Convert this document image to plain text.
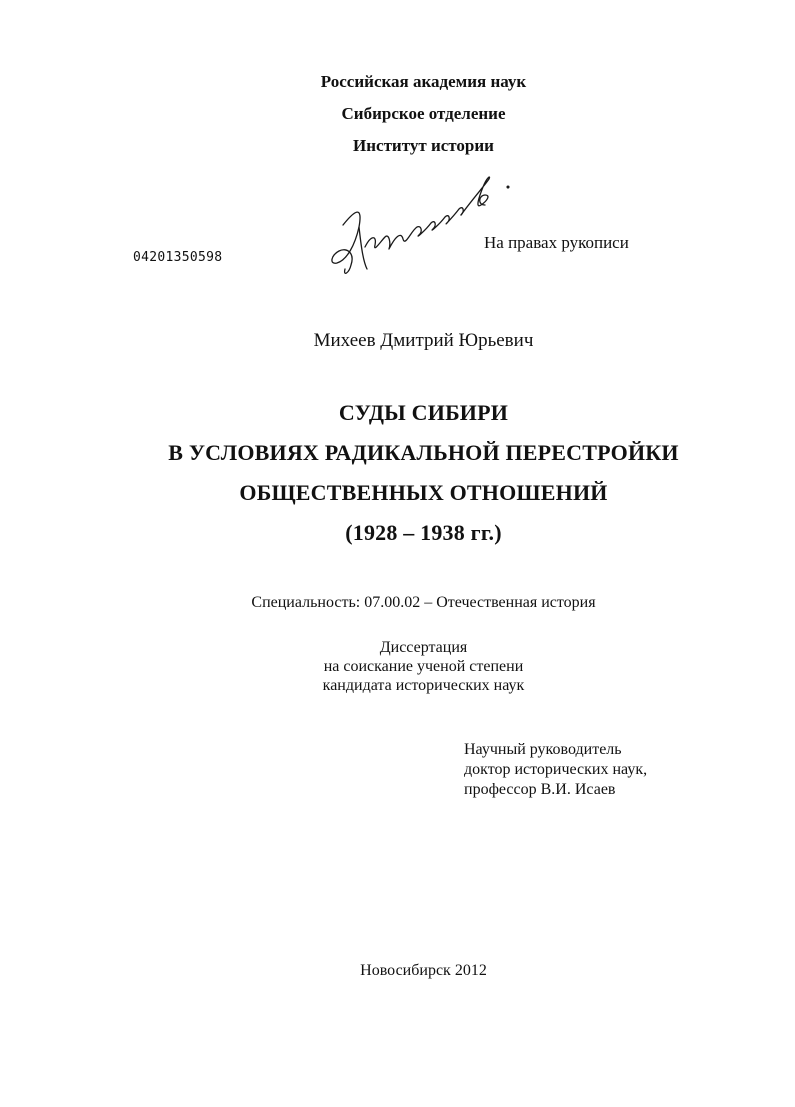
Российская академия наук
Сибирское отделение
Институт истории
04201350598
На правах рукописи
Михеев Дмитрий Юрьевич
СУДЫ СИБИРИ
В УСЛОВИЯХ РАДИКАЛЬНОЙ ПЕРЕСТРОЙКИ
ОБЩЕСТВЕННЫХ ОТНОШЕНИЙ
(1928 – 1938 гг.)
Специальность: 07.00.02 – Отечественная история
Диссертация
на соискание ученой степени
кандидата исторических наук
Научный руководитель
доктор исторических наук,
профессор В.И. Исаев
Новосибирск 2012
